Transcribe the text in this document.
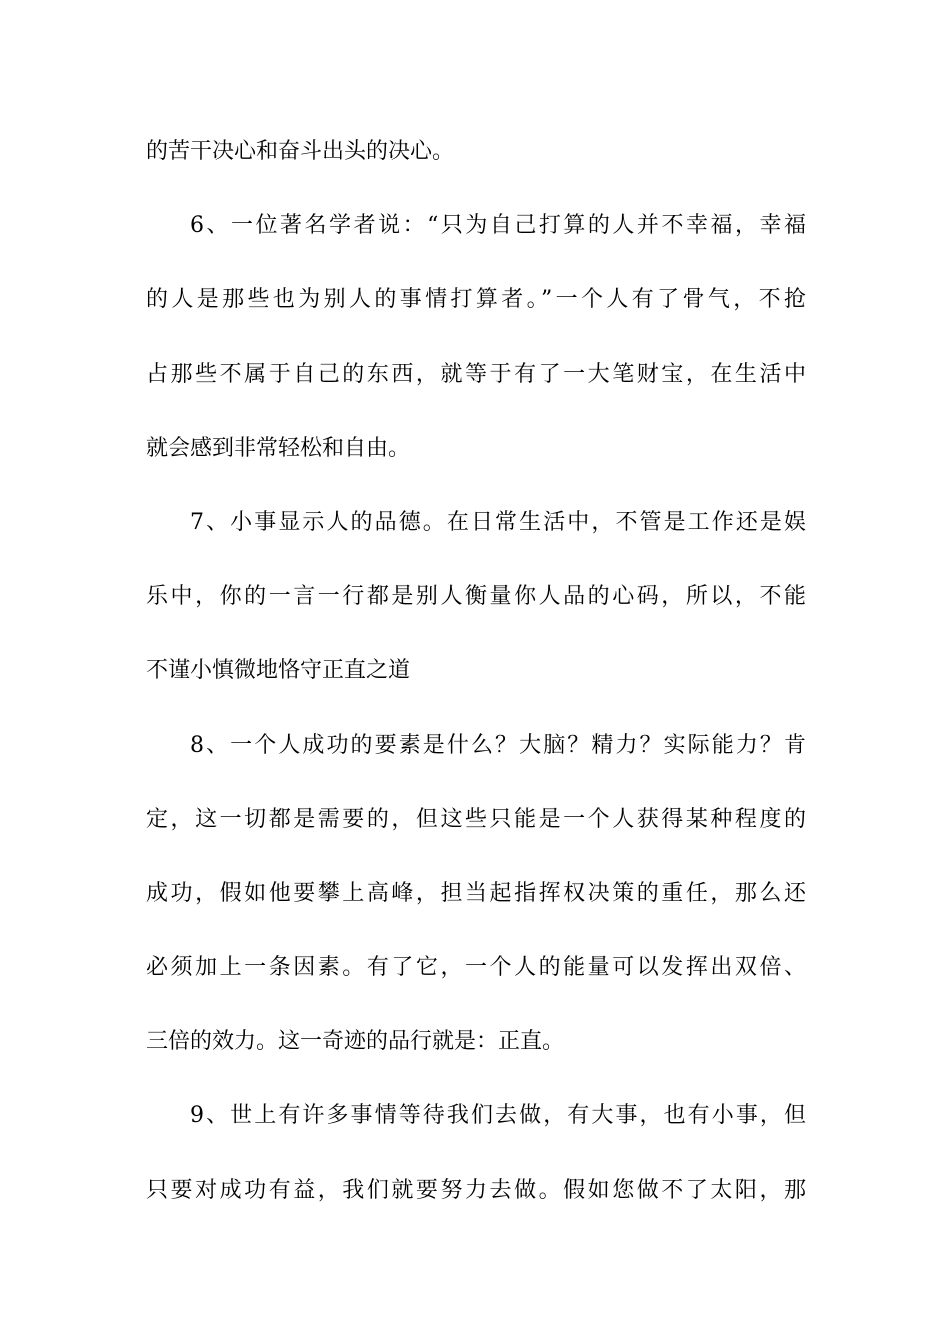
的苦干决心和奋斗出头的决心。
6、一位著名学者说：“只为自己打算的人并不幸福，幸福
的人是那些也为别人的事情打算者。”一个人有了骨气，不抢
占那些不属于自己的东西，就等于有了一大笔财宝，在生活中
就会感到非常轻松和自由。
7、小事显示人的品德。在日常生活中，不管是工作还是娱
乐中，你的一言一行都是别人衡量你人品的心码，所以，不能
不谨小慎微地恪守正直之道
8、一个人成功的要素是什么？大脑？精力？实际能力？肯
定，这一切都是需要的，但这些只能是一个人获得某种程度的
成功，假如他要攀上高峰，担当起指挥权决策的重任，那么还
必须加上一条因素。有了它，一个人的能量可以发挥出双倍、
三倍的效力。这一奇迹的品行就是：正直。
9、世上有许多事情等待我们去做，有大事，也有小事，但
只要对成功有益，我们就要努力去做。假如您做不了太阳，那
